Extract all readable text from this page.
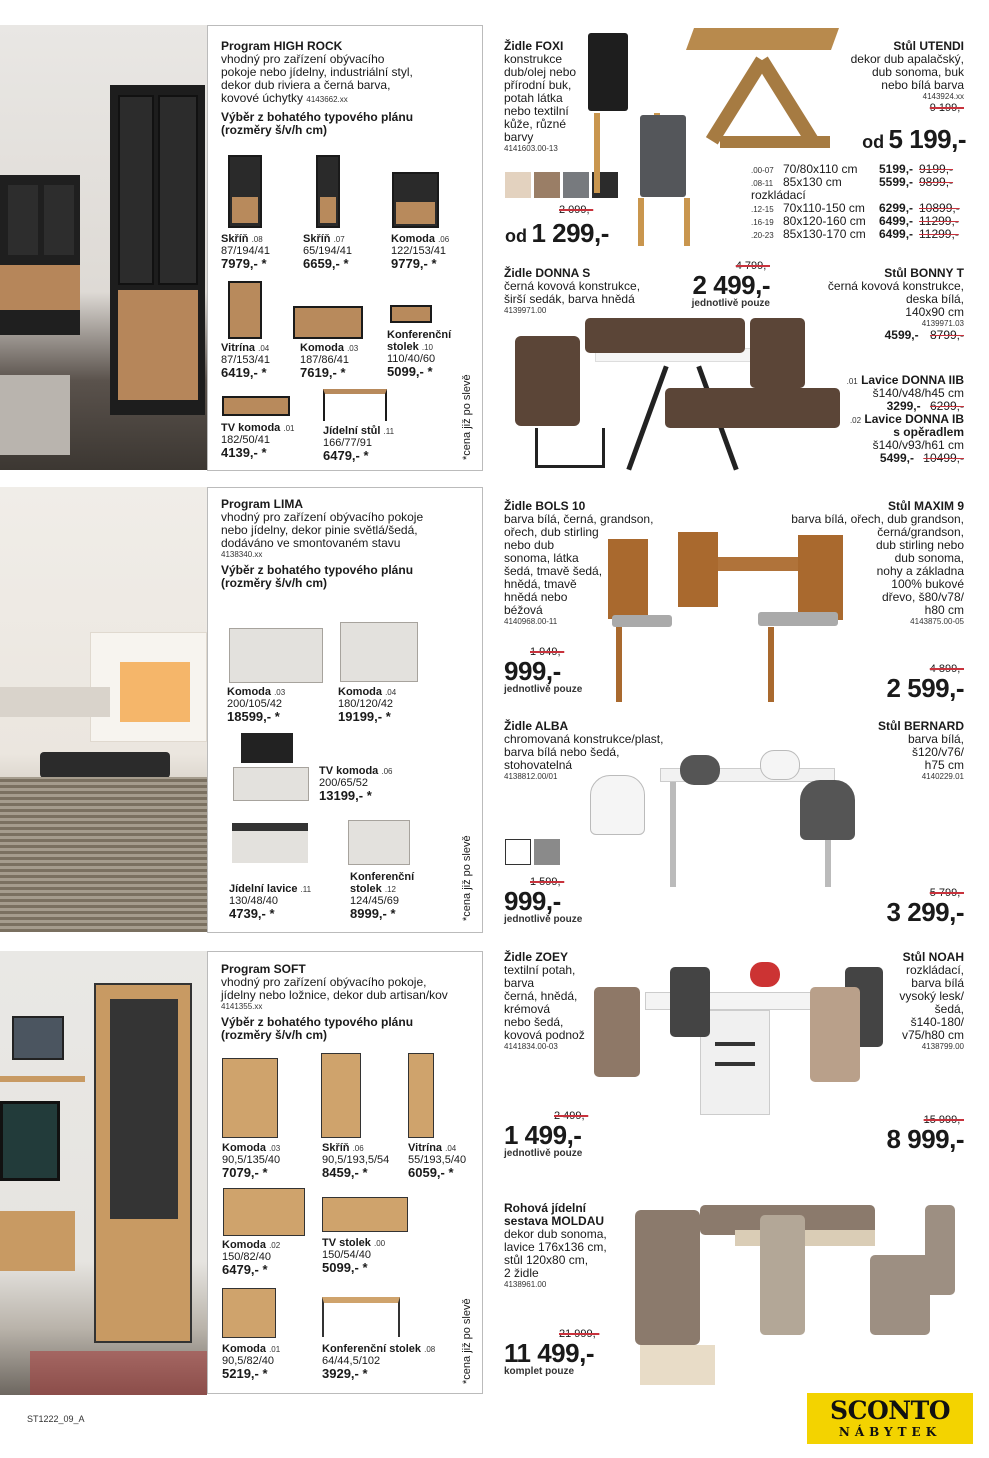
Program HIGH ROCK
vhodný pro zařízení obývacího
pokoje nebo jídelny, industriální styl,
dekor dub riviera a černá barva,
kovové úchytky 4143662.xx
Výběr z bohatého typového plánu
(rozměry š/v/h cm)
Skříň .08
87/194/41
7979,- *
Skříň .07
65/194/41
6659,- *
Komoda .06
122/153/41
9779,- *
Vitrína .04
87/153/41
6419,- *
Komoda .03
187/86/41
7619,- *
Konferenční
stolek .10
110/40/60
5099,- *
TV komoda .01
182/50/41
4139,- *
Jídelní stůl .11
166/77/91
6479,- *	*cena již po slevě
Program LIMA
vhodný pro zařízení obývacího pokoje
nebo jídelny, dekor pinie světlá/šedá,
dodáváno ve smontovaném stavu
4138340.xx
Výběr z bohatého typového plánu
(rozměry š/v/h cm)
Komoda .03
200/105/42
18599,- *
Komoda .04
180/120/42
19199,- *
TV komoda .06
200/65/52
13199,- *
Jídelní lavice .11
130/48/40
4739,- *
Konferenční
stolek .12
124/45/69
8999,- *	*cena již po slevě
Program SOFT
vhodný pro zařízení obývacího pokoje,
jídelny nebo ložnice, dekor dub artisan/kov
4141355.xx
Výběr z bohatého typového plánu
(rozměry š/v/h cm)
Komoda .03
90,5/135/40
7079,- *
Skříň .06
90,5/193,5/54
8459,- *
Vitrína .04
55/193,5/40
6059,- *
Komoda .02
150/82/40
6479,- *
TV stolek .00
150/54/40
5099,- *
Komoda .01
90,5/82/40
5219,- *
Konferenční stolek .08
64/44,5/102
3929,- *	*cena již po slevě
Židle FOXI
konstrukce
dub/olej nebo
přírodní buk,
potah látka
nebo textilní
kůže, různé
barvy
4141603.00-13
2 099,-
od 1 299,-
Stůl UTENDI
dekor dub apalačský,
dub sonoma, buk
nebo bílá barva
4143924.xx
9 199,-
od 5 199,-
.00-07 70/80x110 cm	5199,- 9199,-
.08-11 85x130 cm	5599,- 9899,-
rozkládací
.12-15 70x110-150 cm	6299,- 10899,-
.16-19 80x120-160 cm	6499,- 11299,-
.20-23 85x130-170 cm	6499,- 11299,-
Židle DONNA S
černá kovová konstrukce,
širší sedák, barva hnědá
4139971.00
4 799,-
2 499,-
jednotlivě pouze
Stůl BONNY T
černá kovová konstrukce,
deska bílá,
140x90 cm
4139971.03
4599,- 8799,-
.01 Lavice DONNA IIB
š140/v48/h45 cm
3299,- 6299,-
.02 Lavice DONNA IB
s opěradlem
š140/v93/h61 cm
5499,- 10499,-
Židle BOLS 10
barva bílá, černá, grandson,
ořech, dub stirling
nebo dub
sonoma, látka
šedá, tmavě šedá,
hnědá, tmavě
hnědá nebo
béžová
4140968.00-11
1 949,-
999,-
jednotlivě pouze
Stůl MAXIM 9
barva bílá, ořech, dub grandson,
černá/grandson,
dub stirling nebo
dub sonoma,
nohy a základna
100% bukové
dřevo, š80/v78/
h80 cm
4143875.00-05
4 899,-
2 599,-
Židle ALBA
chromovaná konstrukce/plast,
barva bílá nebo šedá,
stohovatelná
4138812.00/01
1 599,-
999,-
jednotlivě pouze
Stůl BERNARD
barva bílá,
š120/v76/
h75 cm
4140229.01
5 799,-
3 299,-
Židle ZOEY
textilní potah,
barva
černá, hnědá,
krémová
nebo šedá,
kovová podnož
4141834.00-03
2 499,-
1 499,-
jednotlivě pouze
Stůl NOAH
rozkládací,
barva bílá
vysoký lesk/
šedá,
š140-180/
v75/h80 cm
4138799.00
15 999,-
8 999,-
Rohová jídelní
sestava MOLDAU
dekor dub sonoma,
lavice 176x136 cm,
stůl 120x80 cm,
2 židle
4138961.00
21 999,-
11 499,-
komplet pouze
ST1222_09_A	SCONTO
NÁBYTEK
